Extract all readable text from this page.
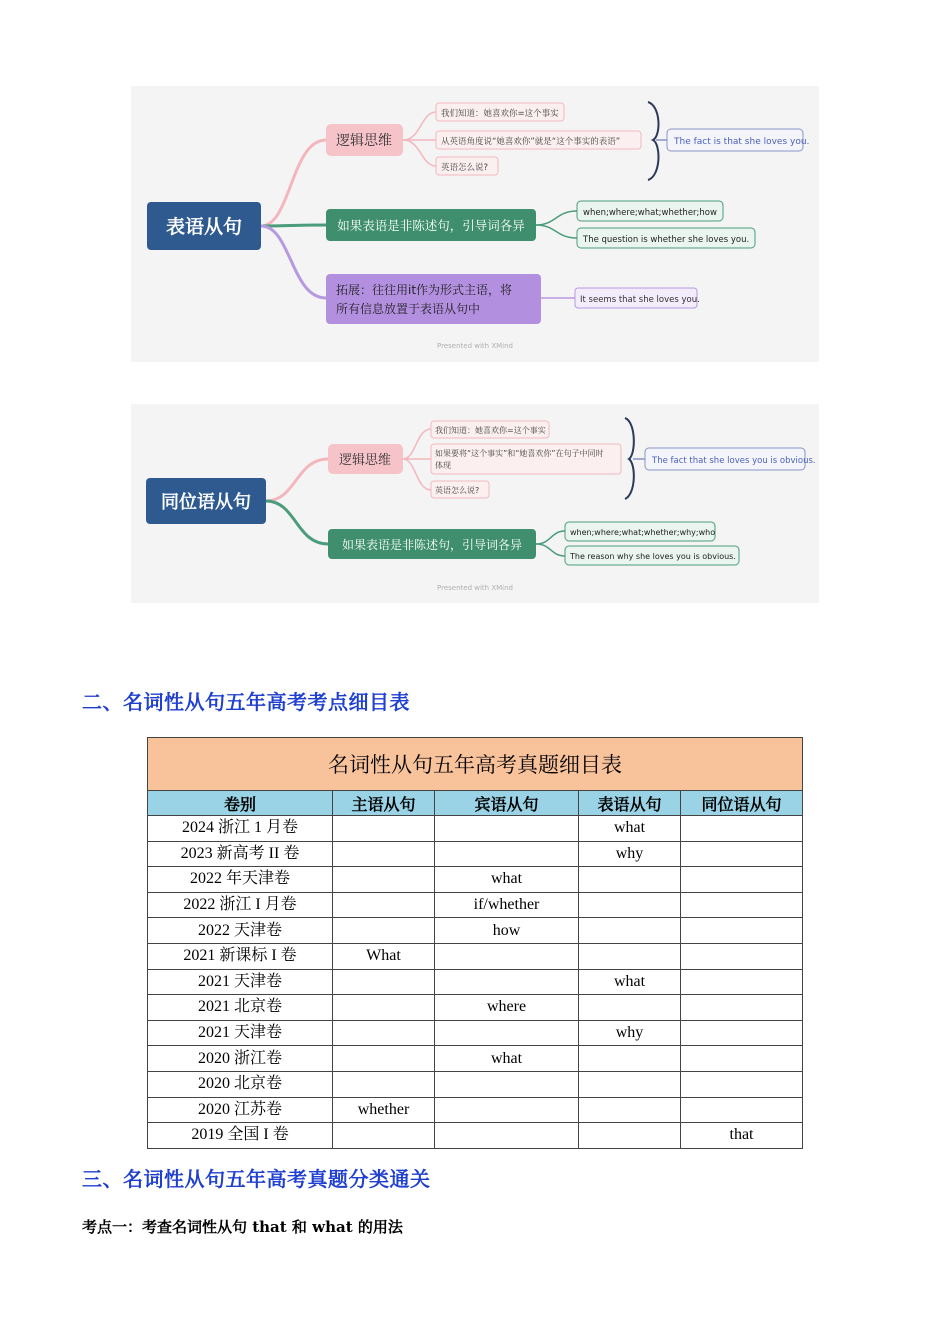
表语从句
逻辑思维
我们知道：她喜欢你=这个事实
从英语角度说“她喜欢你”就是“这个事实的表语”
英语怎么说?
The fact is that she loves you.
如果表语是非陈述句，引导词各异
when;where;what;whether;how
The question is whether she loves you.
拓展：往往用it作为形式主语，将
所有信息放置于表语从句中
It seems that she loves you.
Presented with XMind
同位语从句
逻辑思维
我们知道：她喜欢你=这个事实
如果要将“这个事实”和“她喜欢你”在句子中同时
体现
英语怎么说?
The fact that she loves you is obvious.
如果表语是非陈述句，引导词各异
when;where;what;whether;why;who
The reason why she loves you is obvious.
Presented with XMind
二、名词性从句五年高考考点细目表
名词性从句五年高考真题细目表				
卷别	主语从句	宾语从句	表语从句	同位语从句
2024 浙江 1 月卷			what	
2023 新高考 II 卷			why	
2022 年天津卷		what		
2022 浙江 I 月卷		if/whether		
2022 天津卷		how		
2021 新课标 I 卷	What			
2021 天津卷			what	
2021 北京卷		where		
2021 天津卷			why	
2020 浙江卷		what		
2020 北京卷				
2020 江苏卷	whether			
2019 全国 I 卷				that
三、名词性从句五年高考真题分类通关
考点一：考查名词性从句 that 和 what 的用法
